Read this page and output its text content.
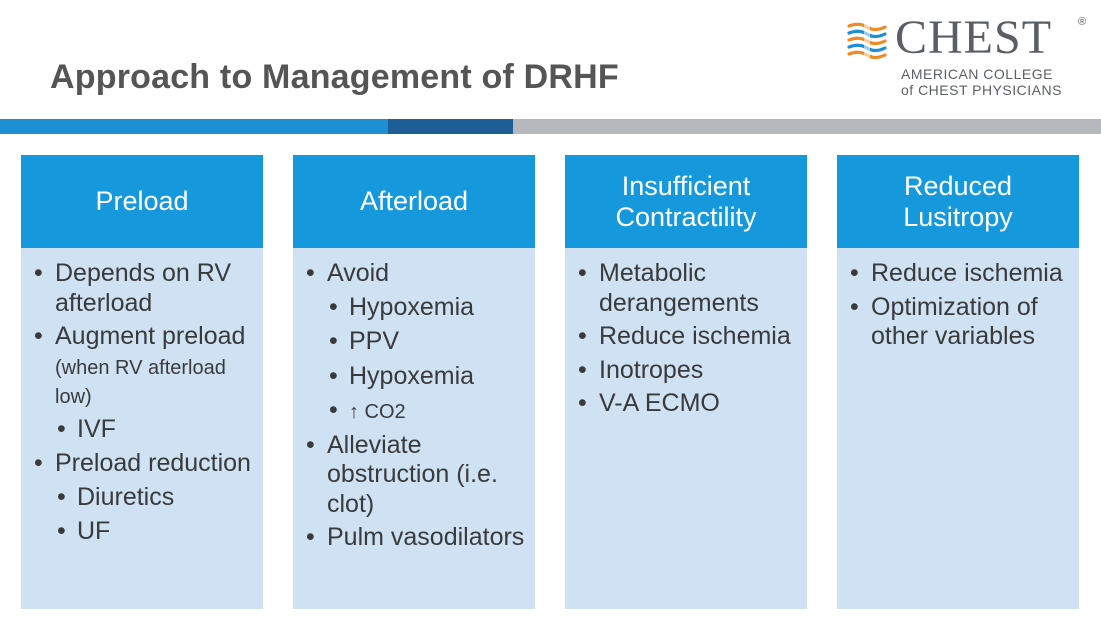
Approach to Management of DRHF
CHEST ®
AMERICAN COLLEGE
of CHEST PHYSICIANS
Preload
• Depends on RV afterload
• Augment preload (when RV afterload low)
• IVF
• Preload reduction
• Diuretics
• UF
Afterload
• Avoid
• Hypoxemia
• PPV
• Hypoxemia
• ↑ CO2
• Alleviate obstruction (i.e. clot)
• Pulm vasodilators
Insufficient
Contractility
• Metabolic derangements
• Reduce ischemia
• Inotropes
• V-A ECMO
Reduced
Lusitropy
• Reduce ischemia
• Optimization of other variables
